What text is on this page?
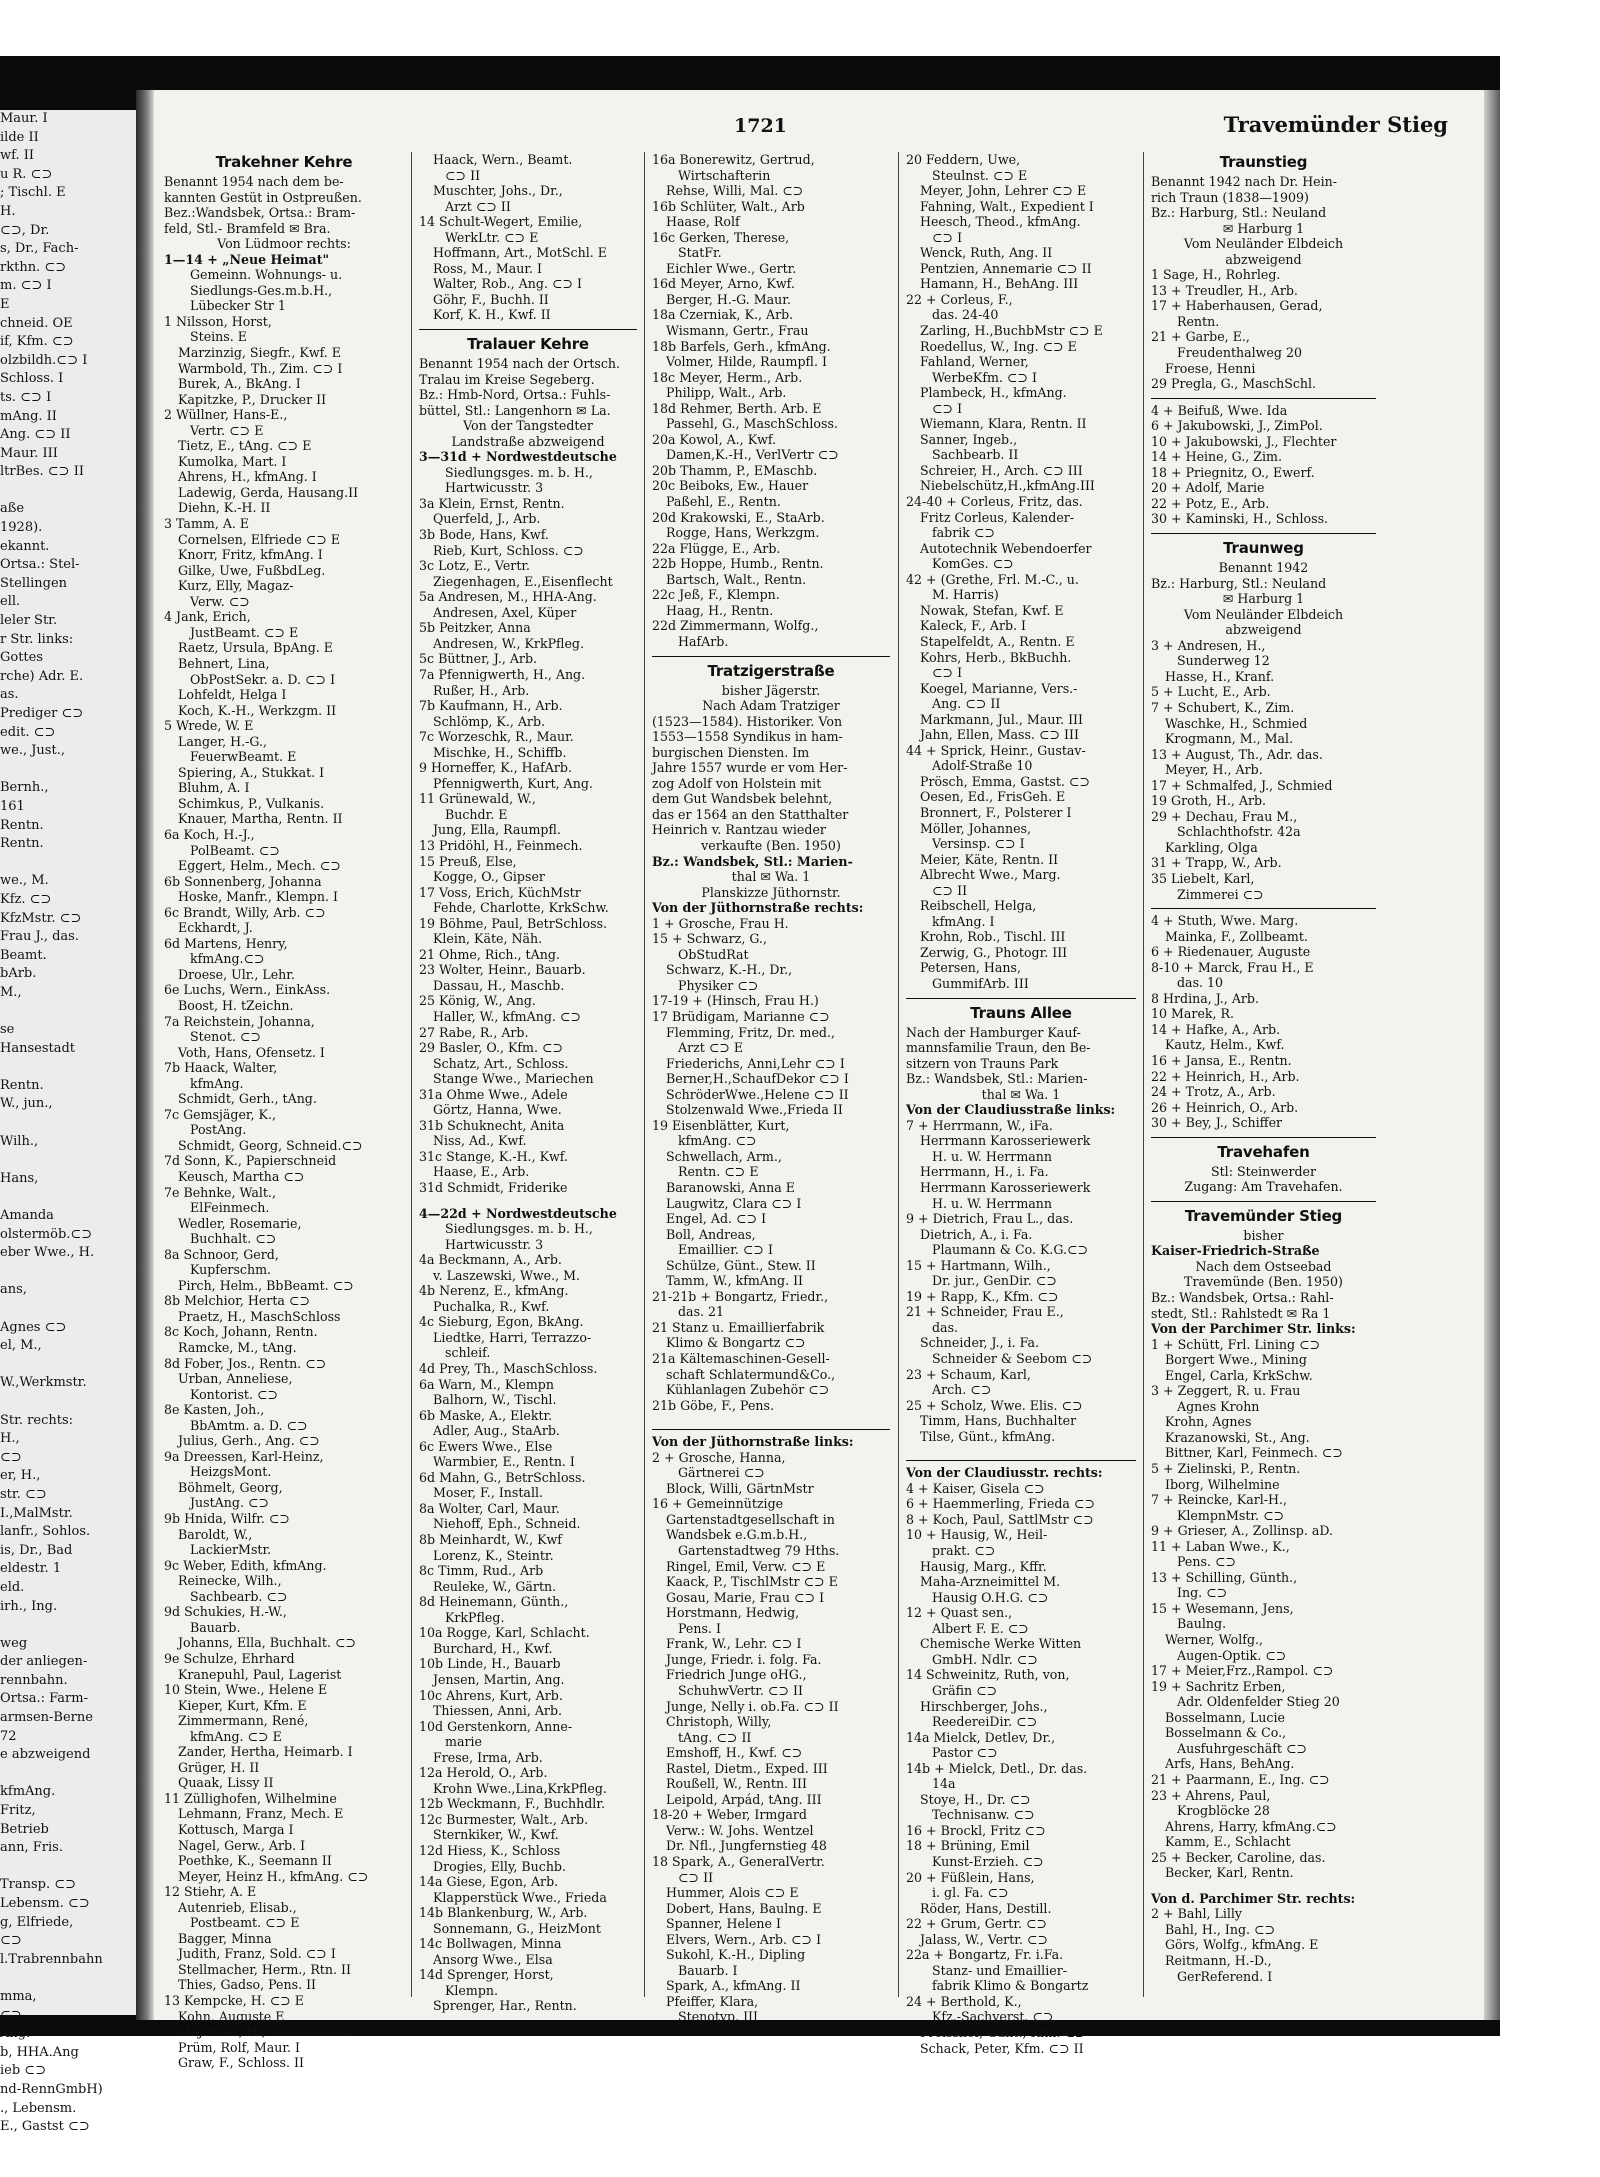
Maur. I
ilde II
wf. II
u R. ⊂⊃
; Tischl. E
H.
⊂⊃, Dr.
s, Dr., Fach-
rkthn. ⊂⊃
m. ⊂⊃ I
E
chneid. OE
if, Kfm. ⊂⊃
olzbildh.⊂⊃ I
Schloss. I
ts. ⊂⊃ I
mAng. II
Ang. ⊂⊃ II
Maur. III
ltrBes. ⊂⊃ II
aße
1928).
ekannt.
Ortsa.: Stel-
Stellingen
ell.
leler Str.
r Str. links:
Gottes
rche) Adr. E.
as.
Prediger ⊂⊃
edit. ⊂⊃
we., Just.,
Bernh.,
161
Rentn.
Rentn.
we., M.
Kfz. ⊂⊃
KfzMstr. ⊂⊃
Frau J., das.
Beamt.
bArb.
M.,
se
Hansestadt
Rentn.
W., jun.,
Wilh.,
Hans,
Amanda
olstermöb.⊂⊃
eber Wwe., H.
ans,
Agnes ⊂⊃
el, M.,
W.,Werkmstr.
Str. rechts:
H.,
⊂⊃
er, H.,
str. ⊂⊃
I.,MalMstr.
lanfr., Sohlos.
is, Dr., Bad
eldestr. 1
eld.
irh., Ing.
weg
der anliegen-
rennbahn.
Ortsa.: Farm-
armsen-Berne
72
e abzweigend
kfmAng.
Fritz,
Betrieb
ann, Fris.
Transp. ⊂⊃
Lebensm. ⊂⊃
g, Elfriede,
⊂⊃
l.Trabrennbahn
mma,
⊂⊃
Ang.
b, HHA.Ang
ieb ⊂⊃
nd-RennGmbH)
., Lebensm.
E., Gastst ⊂⊃
1721	Travemünder Stieg
Trakehner Kehre
Benannt 1954 nach dem be-
kannten Gestüt in Ostpreußen.
Bez.:Wandsbek, Ortsa.: Bram-
feld, Stl.- Bramfeld ✉ Bra.
Von Lüdmoor rechts:
1—14 + „Neue Heimat"
Gemeinn. Wohnungs- u.
Siedlungs-Ges.m.b.H.,
Lübecker Str 1
1 Nilsson, Horst,
Steins. E
Marzinzig, Siegfr., Kwf. E
Warmbold, Th., Zim. ⊂⊃ I
Burek, A., BkAng. I
Kapitzke, P., Drucker II
2 Wüllner, Hans-E.,
Vertr. ⊂⊃ E
Tietz, E., tAng. ⊂⊃ E
Kumolka, Mart. I
Ahrens, H., kfmAng. I
Ladewig, Gerda, Hausang.II
Diehn, K.-H. II
3 Tamm, A. E
Cornelsen, Elfriede ⊂⊃ E
Knorr, Fritz, kfmAng. I
Gilke, Uwe, FußbdLeg.
Kurz, Elly, Magaz-
Verw. ⊂⊃
4 Jank, Erich,
JustBeamt. ⊂⊃ E
Raetz, Ursula, BpAng. E
Behnert, Lina,
ObPostSekr. a. D. ⊂⊃ I
Lohfeldt, Helga I
Koch, K.-H., Werkzgm. II
5 Wrede, W. E
Langer, H.-G.,
FeuerwBeamt. E
Spiering, A., Stukkat. I
Bluhm, A. I
Schimkus, P., Vulkanis.
Knauer, Martha, Rentn. II
6a Koch, H.-J.,
PolBeamt. ⊂⊃
Eggert, Helm., Mech. ⊂⊃
6b Sonnenberg, Johanna
Hoske, Manfr., Klempn. I
6c Brandt, Willy, Arb. ⊂⊃
Eckhardt, J.
6d Martens, Henry,
kfmAng.⊂⊃
Droese, Ulr., Lehr.
6e Luchs, Wern., EinkAss.
Boost, H. tZeichn.
7a Reichstein, Johanna,
Stenot. ⊂⊃
Voth, Hans, Ofensetz. I
7b Haack, Walter,
kfmAng.
Schmidt, Gerh., tAng.
7c Gemsjäger, K.,
PostAng.
Schmidt, Georg, Schneid.⊂⊃
7d Sonn, K., Papierschneid
Keusch, Martha ⊂⊃
7e Behnke, Walt.,
ElFeinmech.
Wedler, Rosemarie,
Buchhalt. ⊂⊃
8a Schnoor, Gerd,
Kupferschm.
Pirch, Helm., BbBeamt. ⊂⊃
8b Melchior, Herta ⊂⊃
Praetz, H., MaschSchloss
8c Koch, Johann, Rentn.
Ramcke, M., tAng.
8d Fober, Jos., Rentn. ⊂⊃
Urban, Anneliese,
Kontorist. ⊂⊃
8e Kasten, Joh.,
BbAmtm. a. D. ⊂⊃
Julius, Gerh., Ang. ⊂⊃
9a Dreessen, Karl-Heinz,
HeizgsMont.
Böhmelt, Georg,
JustAng. ⊂⊃
9b Hnida, Wilfr. ⊂⊃
Baroldt, W.,
LackierMstr.
9c Weber, Edith, kfmAng.
Reinecke, Wilh.,
Sachbearb. ⊂⊃
9d Schukies, H.-W.,
Bauarb.
Johanns, Ella, Buchhalt. ⊂⊃
9e Schulze, Ehrhard
Kranepuhl, Paul, Lagerist
10 Stein, Wwe., Helene E
Kieper, Kurt, Kfm. E
Zimmermann, René,
kfmAng. ⊂⊃ E
Zander, Hertha, Heimarb. I
Grüger, H. II
Quaak, Lissy II
11 Züllighofen, Wilhelmine
Lehmann, Franz, Mech. E
Kottusch, Marga I
Nagel, Gerw., Arb. I
Poethke, K., Seemann II
Meyer, Heinz H., kfmAng. ⊂⊃
12 Stiehr, A. E
Autenrieb, Elisab.,
Postbeamt. ⊂⊃ E
Bagger, Minna
Judith, Franz, Sold. ⊂⊃ I
Stellmacher, Herm., Rtn. II
Thies, Gadso, Pens. II
13 Kempcke, H. ⊂⊃ E
Kohn, Auguste E
Majewski, H., Fahrlehr. ⊂⊃
Prüm, Rolf, Maur. I
Graw, F., Schloss. II
Haack, Wern., Beamt.
⊂⊃ II
Muschter, Johs., Dr.,
Arzt ⊂⊃ II
14 Schult-Wegert, Emilie,
WerkLtr. ⊂⊃ E
Hoffmann, Art., MotSchl. E
Ross, M., Maur. I
Walter, Rob., Ang. ⊂⊃ I
Göhr, F., Buchh. II
Korf, K. H., Kwf. II
Tralauer Kehre
Benannt 1954 nach der Ortsch.
Tralau im Kreise Segeberg.
Bz.: Hmb-Nord, Ortsa.: Fuhls-
büttel, Stl.: Langenhorn ✉ La.
Von der Tangstedter
Landstraße abzweigend
3—31d + Nordwestdeutsche
Siedlungsges. m. b. H.,
Hartwicusstr. 3
3a Klein, Ernst, Rentn.
Querfeld, J., Arb.
3b Bode, Hans, Kwf.
Rieb, Kurt, Schloss. ⊂⊃
3c Lotz, E., Vertr.
Ziegenhagen, E.,Eisenflecht
5a Andresen, M., HHA-Ang.
Andresen, Axel, Küper
5b Peitzker, Anna
Andresen, W., KrkPfleg.
5c Büttner, J., Arb.
7a Pfennigwerth, H., Ang.
Rußer, H., Arb.
7b Kaufmann, H., Arb.
Schlömp, K., Arb.
7c Worzeschk, R., Maur.
Mischke, H., Schiffb.
9 Horneffer, K., HafArb.
Pfennigwerth, Kurt, Ang.
11 Grünewald, W.,
Buchdr. E
Jung, Ella, Raumpfl.
13 Pridöhl, H., Feinmech.
15 Preuß, Else,
Kogge, O., Gipser
17 Voss, Erich, KüchMstr
Fehde, Charlotte, KrkSchw.
19 Böhme, Paul, BetrSchloss.
Klein, Käte, Näh.
21 Ohme, Rich., tAng.
23 Wolter, Heinr., Bauarb.
Dassau, H., Maschb.
25 König, W., Ang.
Haller, W., kfmAng. ⊂⊃
27 Rabe, R., Arb.
29 Basler, O., Kfm. ⊂⊃
Schatz, Art., Schloss.
Stange Wwe., Mariechen
31a Ohme Wwe., Adele
Görtz, Hanna, Wwe.
31b Schuknecht, Anita
Niss, Ad., Kwf.
31c Stange, K.-H., Kwf.
Haase, E., Arb.
31d Schmidt, Friderike
4—22d + Nordwestdeutsche
Siedlungsges. m. b. H.,
Hartwicusstr. 3
4a Beckmann, A., Arb.
v. Laszewski, Wwe., M.
4b Nerenz, E., kfmAng.
Puchalka, R., Kwf.
4c Sieburg, Egon, BkAng.
Liedtke, Harri, Terrazzo-
schleif.
4d Prey, Th., MaschSchloss.
6a Warn, M., Klempn
Balhorn, W., Tischl.
6b Maske, A., Elektr.
Adler, Aug., StaArb.
6c Ewers Wwe., Else
Warmbier, E., Rentn. I
6d Mahn, G., BetrSchloss.
Moser, F., Install.
8a Wolter, Carl, Maur.
Niehoff, Eph., Schneid.
8b Meinhardt, W., Kwf
Lorenz, K., Steintr.
8c Timm, Rud., Arb
Reuleke, W., Gärtn.
8d Heinemann, Günth.,
KrkPfleg.
10a Rogge, Karl, Schlacht.
Burchard, H., Kwf.
10b Linde, H., Bauarb
Jensen, Martin, Ang.
10c Ahrens, Kurt, Arb.
Thiessen, Anni, Arb.
10d Gerstenkorn, Anne-
marie
Frese, Irma, Arb.
12a Herold, O., Arb.
Krohn Wwe.,Lina,KrkPfleg.
12b Weckmann, F., Buchhdlr.
12c Burmester, Walt., Arb.
Sternkiker, W., Kwf.
12d Hiess, K., Schloss
Drogies, Elly, Buchb.
14a Giese, Egon, Arb.
Klapperstück Wwe., Frieda
14b Blankenburg, W., Arb.
Sonnemann, G., HeizMont
14c Bollwagen, Minna
Ansorg Wwe., Elsa
14d Sprenger, Horst,
Klempn.
Sprenger, Har., Rentn.
16a Bonerewitz, Gertrud,
Wirtschafterin
Rehse, Willi, Mal. ⊂⊃
16b Schlüter, Walt., Arb
Haase, Rolf
16c Gerken, Therese,
StatFr.
Eichler Wwe., Gertr.
16d Meyer, Arno, Kwf.
Berger, H.-G. Maur.
18a Czerniak, K., Arb.
Wismann, Gertr., Frau
18b Barfels, Gerh., kfmAng.
Volmer, Hilde, Raumpfl. I
18c Meyer, Herm., Arb.
Philipp, Walt., Arb.
18d Rehmer, Berth. Arb. E
Passehl, G., MaschSchloss.
20a Kowol, A., Kwf.
Damen,K.-H., VerlVertr ⊂⊃
20b Thamm, P., EMaschb.
20c Beiboks, Ew., Hauer
Paßehl, E., Rentn.
20d Krakowski, E., StaArb.
Rogge, Hans, Werkzgm.
22a Flügge, E., Arb.
22b Hoppe, Humb., Rentn.
Bartsch, Walt., Rentn.
22c Jeß, F., Klempn.
Haag, H., Rentn.
22d Zimmermann, Wolfg.,
HafArb.
Tratzigerstraße
bisher Jägerstr.
Nach Adam Tratziger
(1523—1584). Historiker. Von
1553—1558 Syndikus in ham-
burgischen Diensten. Im
Jahre 1557 wurde er vom Her-
zog Adolf von Holstein mit
dem Gut Wandsbek belehnt,
das er 1564 an den Statthalter
Heinrich v. Rantzau wieder
verkaufte (Ben. 1950)
Bz.: Wandsbek, Stl.: Marien-
thal ✉ Wa. 1
Planskizze Jüthornstr.
Von der Jüthornstraße rechts:
1 + Grosche, Frau H.
15 + Schwarz, G.,
ObStudRat
Schwarz, K.-H., Dr.,
Physiker ⊂⊃
17-19 + (Hinsch, Frau H.)
17 Brüdigam, Marianne ⊂⊃
Flemming, Fritz, Dr. med.,
Arzt ⊂⊃ E
Friederichs, Anni,Lehr ⊂⊃ I
Berner,H.,SchaufDekor ⊂⊃ I
SchröderWwe.,Helene ⊂⊃ II
Stolzenwald Wwe.,Frieda II
19 Eisenblätter, Kurt,
kfmAng. ⊂⊃
Schwellach, Arm.,
Rentn. ⊂⊃ E
Baranowski, Anna E
Laugwitz, Clara ⊂⊃ I
Engel, Ad. ⊂⊃ I
Boll, Andreas,
Emaillier. ⊂⊃ I
Schülze, Günt., Stew. II
Tamm, W., kfmAng. II
21-21b + Bongartz, Friedr.,
das. 21
21 Stanz u. Emaillierfabrik
Klimo & Bongartz ⊂⊃
21a Kältemaschinen-Gesell-
schaft Schlatermund&Co.,
Kühlanlagen Zubehör ⊂⊃
21b Göbe, F., Pens.
Von der Jüthornstraße links:
2 + Grosche, Hanna,
Gärtnerei ⊂⊃
Block, Willi, GärtnMstr
16 + Gemeinnützige
Gartenstadtgesellschaft in
Wandsbek e.G.m.b.H.,
Gartenstadtweg 79 Hths.
Ringel, Emil, Verw. ⊂⊃ E
Kaack, P., TischlMstr ⊂⊃ E
Gosau, Marie, Frau ⊂⊃ I
Horstmann, Hedwig,
Pens. I
Frank, W., Lehr. ⊂⊃ I
Junge, Friedr. i. folg. Fa.
Friedrich Junge oHG.,
SchuhwVertr. ⊂⊃ II
Junge, Nelly i. ob.Fa. ⊂⊃ II
Christoph, Willy,
tAng. ⊂⊃ II
Emshoff, H., Kwf. ⊂⊃
Rastel, Dietm., Exped. III
Roußell, W., Rentn. III
Leipold, Arpád, tAng. III
18-20 + Weber, Irmgard
Verw.: W. Johs. Wentzel
Dr. Nfl., Jungfernstieg 48
18 Spark, A., GeneralVertr.
⊂⊃ II
Hummer, Alois ⊂⊃ E
Dobert, Hans, Baulng. E
Spanner, Helene I
Elvers, Wern., Arb. ⊂⊃ I
Sukohl, K.-H., Dipling
Bauarb. I
Spark, A., kfmAng. II
Pfeiffer, Klara,
Stenotyp. III
20 Feddern, Uwe,
Steulnst. ⊂⊃ E
Meyer, John, Lehrer ⊂⊃ E
Fahning, Walt., Expedient I
Heesch, Theod., kfmAng.
⊂⊃ I
Wenck, Ruth, Ang. II
Pentzien, Annemarie ⊂⊃ II
Hamann, H., BehAng. III
22 + Corleus, F.,
das. 24-40
Zarling, H.,BuchbMstr ⊂⊃ E
Roedellus, W., Ing. ⊂⊃ E
Fahland, Werner,
WerbeKfm. ⊂⊃ I
Plambeck, H., kfmAng.
⊂⊃ I
Wiemann, Klara, Rentn. II
Sanner, Ingeb.,
Sachbearb. II
Schreier, H., Arch. ⊂⊃ III
Niebelschütz,H.,kfmAng.III
24-40 + Corleus, Fritz, das.
Fritz Corleus, Kalender-
fabrik ⊂⊃
Autotechnik Webendoerfer
KomGes. ⊂⊃
42 + (Grethe, Frl. M.-C., u.
M. Harris)
Nowak, Stefan, Kwf. E
Kaleck, F., Arb. I
Stapelfeldt, A., Rentn. E
Kohrs, Herb., BkBuchh.
⊂⊃ I
Koegel, Marianne, Vers.-
Ang. ⊂⊃ II
Markmann, Jul., Maur. III
Jahn, Ellen, Mass. ⊂⊃ III
44 + Sprick, Heinr., Gustav-
Adolf-Straße 10
Prösch, Emma, Gastst. ⊂⊃
Oesen, Ed., FrisGeh. E
Bronnert, F., Polsterer I
Möller, Johannes,
Versinsp. ⊂⊃ I
Meier, Käte, Rentn. II
Albrecht Wwe., Marg.
⊂⊃ II
Reibschell, Helga,
kfmAng. I
Krohn, Rob., Tischl. III
Zerwig, G., Photogr. III
Petersen, Hans,
GummifArb. III
Trauns Allee
Nach der Hamburger Kauf-
mannsfamilie Traun, den Be-
sitzern von Trauns Park
Bz.: Wandsbek, Stl.: Marien-
thal ✉ Wa. 1
Von der Claudiusstraße links:
7 + Herrmann, W., iFa.
Herrmann Karosseriewerk
H. u. W. Herrmann
Herrmann, H., i. Fa.
Herrmann Karosseriewerk
H. u. W. Herrmann
9 + Dietrich, Frau L., das.
Dietrich, A., i. Fa.
Plaumann & Co. K.G.⊂⊃
15 + Hartmann, Wilh.,
Dr. jur., GenDir. ⊂⊃
19 + Rapp, K., Kfm. ⊂⊃
21 + Schneider, Frau E.,
das.
Schneider, J., i. Fa.
Schneider & Seebom ⊂⊃
23 + Schaum, Karl,
Arch. ⊂⊃
25 + Scholz, Wwe. Elis. ⊂⊃
Timm, Hans, Buchhalter
Tilse, Günt., kfmAng.
Von der Claudiusstr. rechts:
4 + Kaiser, Gisela ⊂⊃
6 + Haemmerling, Frieda ⊂⊃
8 + Koch, Paul, SattlMstr ⊂⊃
10 + Hausig, W., Heil-
prakt. ⊂⊃
Hausig, Marg., Kffr.
Maha-Arzneimittel M.
Hausig O.H.G. ⊂⊃
12 + Quast sen.,
Albert F. E. ⊂⊃
Chemische Werke Witten
GmbH. Ndlr. ⊂⊃
14 Schweinitz, Ruth, von,
Gräfin ⊂⊃
Hirschberger, Johs.,
ReedereiDir. ⊂⊃
14a Mielck, Detlev, Dr.,
Pastor ⊂⊃
14b + Mielck, Detl., Dr. das.
14a
Stoye, H., Dr. ⊂⊃
Technisanw. ⊂⊃
16 + Brockl, Fritz ⊂⊃
18 + Brüning, Emil
Kunst-Erzieh. ⊂⊃
20 + Füßlein, Hans,
i. gl. Fa. ⊂⊃
Röder, Hans, Destill.
22 + Grum, Gertr. ⊂⊃
Jalass, W., Vertr. ⊂⊃
22a + Bongartz, Fr. i.Fa.
Stanz- und Emaillier-
fabrik Klimo & Bongartz
24 + Berthold, K.,
Kfz.-Sachverst. ⊂⊃
Preissner, Günt., Kfm. ⊂⊃
Schack, Peter, Kfm. ⊂⊃ II
Traunstieg
Benannt 1942 nach Dr. Hein-
rich Traun (1838—1909)
Bz.: Harburg, Stl.: Neuland
✉ Harburg 1
Vom Neuländer Elbdeich
abzweigend
1 Sage, H., Rohrleg.
13 + Treudler, H., Arb.
17 + Haberhausen, Gerad,
Rentn.
21 + Garbe, E.,
Freudenthalweg 20
Froese, Henni
29 Pregla, G., MaschSchl.
4 + Beifuß, Wwe. Ida
6 + Jakubowski, J., ZimPol.
10 + Jakubowski, J., Flechter
14 + Heine, G., Zim.
18 + Priegnitz, O., Ewerf.
20 + Adolf, Marie
22 + Potz, E., Arb.
30 + Kaminski, H., Schloss.
Traunweg
Benannt 1942
Bz.: Harburg, Stl.: Neuland
✉ Harburg 1
Vom Neuländer Elbdeich
abzweigend
3 + Andresen, H.,
Sunderweg 12
Hasse, H., Kranf.
5 + Lucht, E., Arb.
7 + Schubert, K., Zim.
Waschke, H., Schmied
Krogmann, M., Mal.
13 + August, Th., Adr. das.
Meyer, H., Arb.
17 + Schmalfed, J., Schmied
19 Groth, H., Arb.
29 + Dechau, Frau M.,
Schlachthofstr. 42a
Karkling, Olga
31 + Trapp, W., Arb.
35 Liebelt, Karl,
Zimmerei ⊂⊃
4 + Stuth, Wwe. Marg.
Mainka, F., Zollbeamt.
6 + Riedenauer, Auguste
8-10 + Marck, Frau H., E
das. 10
8 Hrdina, J., Arb.
10 Marek, R.
14 + Hafke, A., Arb.
Kautz, Helm., Kwf.
16 + Jansa, E., Rentn.
22 + Heinrich, H., Arb.
24 + Trotz, A., Arb.
26 + Heinrich, O., Arb.
30 + Bey, J., Schiffer
Travehafen
Stl: Steinwerder
Zugang: Am Travehafen.
Travemünder Stieg
bisher
Kaiser-Friedrich-Straße
Nach dem Ostseebad
Travemünde (Ben. 1950)
Bz.: Wandsbek, Ortsa.: Rahl-
stedt, Stl.: Rahlstedt ✉ Ra 1
Von der Parchimer Str. links:
1 + Schütt, Frl. Lining ⊂⊃
Borgert Wwe., Mining
Engel, Carla, KrkSchw.
3 + Zeggert, R. u. Frau
Agnes Krohn
Krohn, Agnes
Krazanowski, St., Ang.
Bittner, Karl, Feinmech. ⊂⊃
5 + Zielinski, P., Rentn.
Iborg, Wilhelmine
7 + Reincke, Karl-H.,
KlempnMstr. ⊂⊃
9 + Grieser, A., Zollinsp. aD.
11 + Laban Wwe., K.,
Pens. ⊂⊃
13 + Schilling, Günth.,
Ing. ⊂⊃
15 + Wesemann, Jens,
Baulng.
Werner, Wolfg.,
Augen-Optik. ⊂⊃
17 + Meier,Frz.,Rampol. ⊂⊃
19 + Sachritz Erben,
Adr. Oldenfelder Stieg 20
Bosselmann, Lucie
Bosselmann & Co.,
Ausfuhrgeschäft ⊂⊃
Arfs, Hans, BehAng.
21 + Paarmann, E., Ing. ⊂⊃
23 + Ahrens, Paul,
Krogblöcke 28
Ahrens, Harry, kfmAng.⊂⊃
Kamm, E., Schlacht
25 + Becker, Caroline, das.
Becker, Karl, Rentn.
Von d. Parchimer Str. rechts:
2 + Bahl, Lilly
Bahl, H., Ing. ⊂⊃
Görs, Wolfg., kfmAng. E
Reitmann, H.-D.,
GerReferend. I
